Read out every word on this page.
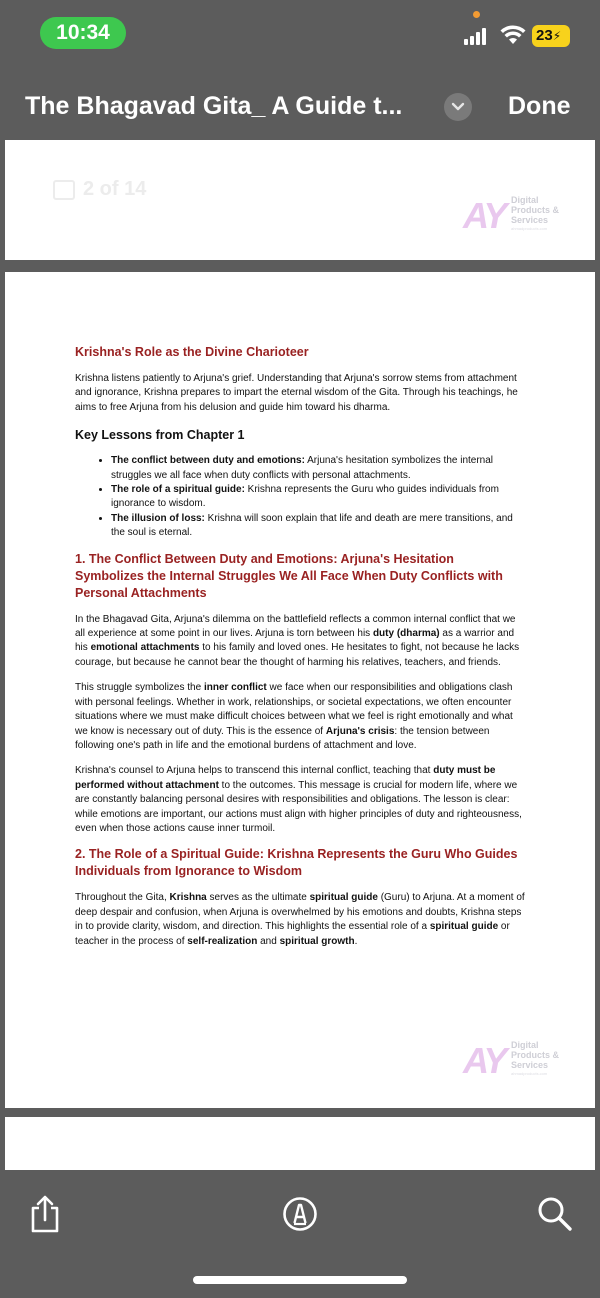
10:34	23⚡
The Bhagavad Gita_ A Guide t...	Done
2 of 14
AY Digital
Products &
Services
ahmadproducts.com
Krishna's Role as the Divine Charioteer
Krishna listens patiently to Arjuna's grief. Understanding that Arjuna's sorrow stems from attachment and ignorance, Krishna prepares to impart the eternal wisdom of the Gita. Through his teachings, he aims to free Arjuna from his delusion and guide him toward his dharma.
Key Lessons from Chapter 1
• The conflict between duty and emotions: Arjuna's hesitation symbolizes the internal struggles we all face when duty conflicts with personal attachments.
• The role of a spiritual guide: Krishna represents the Guru who guides individuals from ignorance to wisdom.
• The illusion of loss: Krishna will soon explain that life and death are mere transitions, and the soul is eternal.
1. The Conflict Between Duty and Emotions: Arjuna's Hesitation Symbolizes the Internal Struggles We All Face When Duty Conflicts with Personal Attachments
In the Bhagavad Gita, Arjuna's dilemma on the battlefield reflects a common internal conflict that we all experience at some point in our lives. Arjuna is torn between his duty (dharma) as a warrior and his emotional attachments to his family and loved ones. He hesitates to fight, not because he lacks courage, but because he cannot bear the thought of harming his relatives, teachers, and friends.
This struggle symbolizes the inner conflict we face when our responsibilities and obligations clash with personal feelings. Whether in work, relationships, or societal expectations, we often encounter situations where we must make difficult choices between what we feel is right emotionally and what we know is necessary out of duty. This is the essence of Arjuna's crisis: the tension between following one's path in life and the emotional burdens of attachment and love.
Krishna's counsel to Arjuna helps to transcend this internal conflict, teaching that duty must be performed without attachment to the outcomes. This message is crucial for modern life, where we are constantly balancing personal desires with responsibilities and obligations. The lesson is clear: while emotions are important, our actions must align with higher principles of duty and righteousness, even when those actions cause inner turmoil.
2. The Role of a Spiritual Guide: Krishna Represents the Guru Who Guides Individuals from Ignorance to Wisdom
Throughout the Gita, Krishna serves as the ultimate spiritual guide (Guru) to Arjuna. At a moment of deep despair and confusion, when Arjuna is overwhelmed by his emotions and doubts, Krishna steps in to provide clarity, wisdom, and direction. This highlights the essential role of a spiritual guide or teacher in the process of self-realization and spiritual growth.
AY Digital
Products &
Services
ahmadproducts.com
